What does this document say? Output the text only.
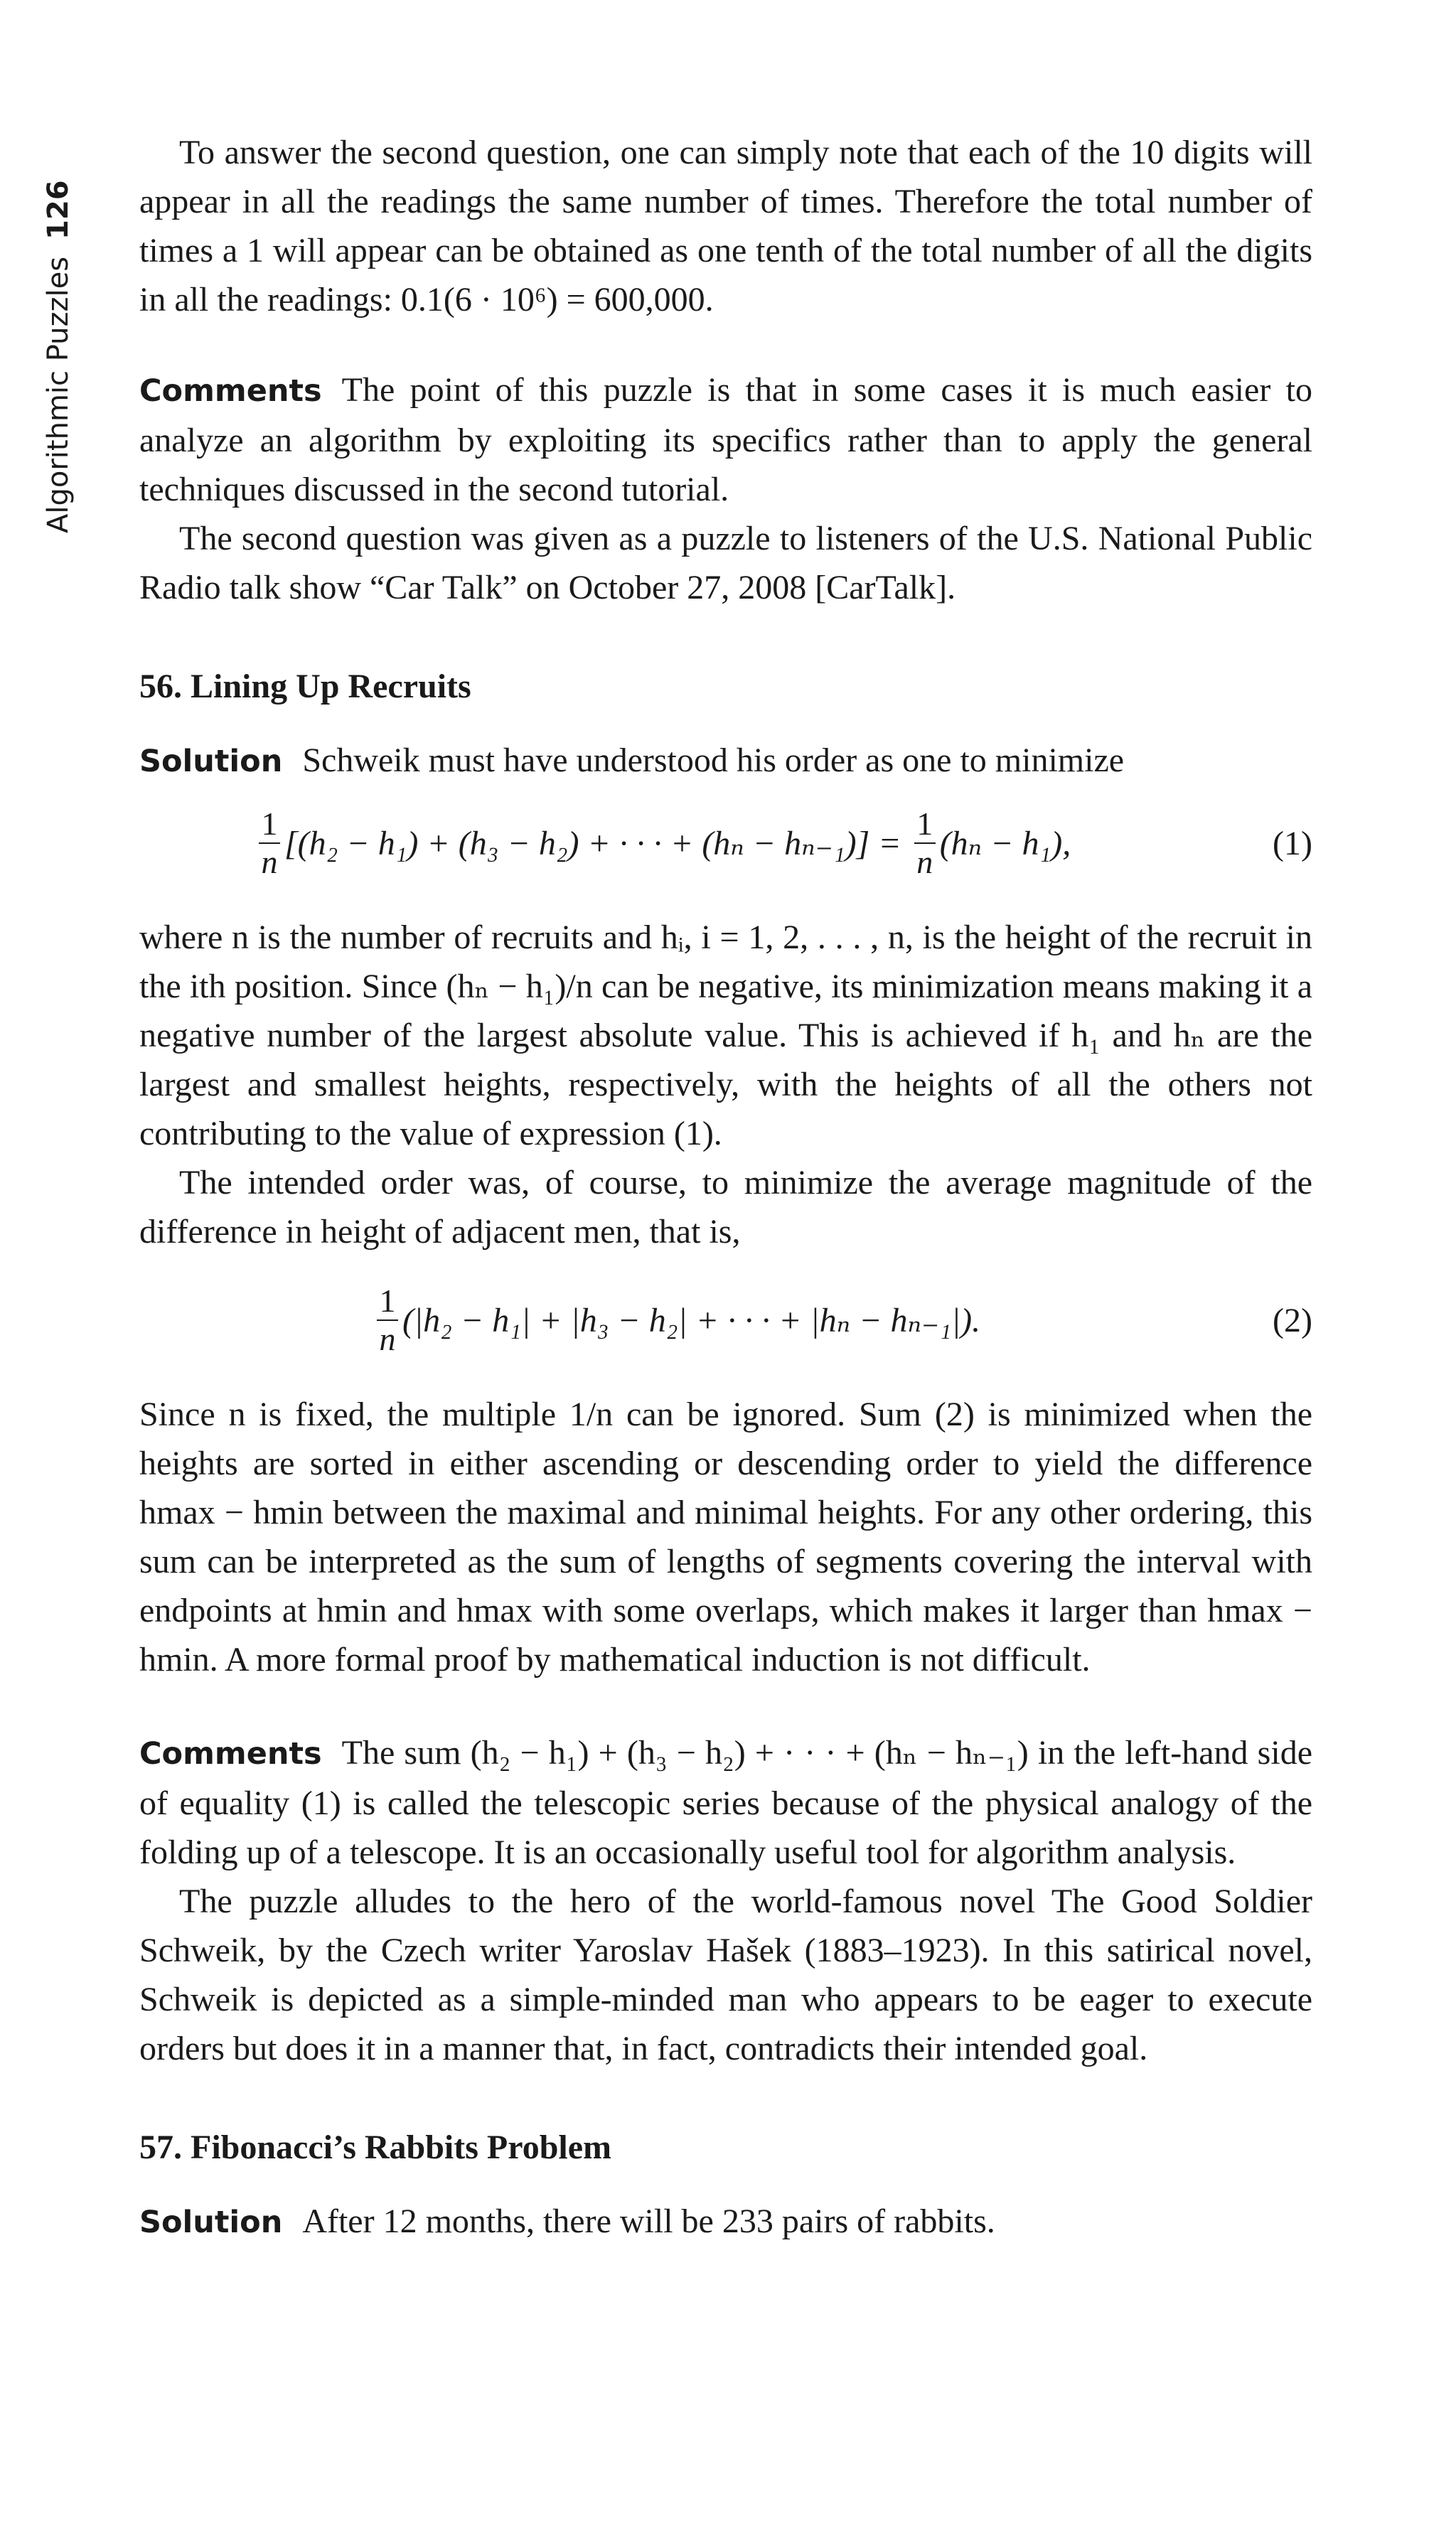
Algorithmic Puzzles
126

To answer the second question, one can simply note that each of the 10 digits will appear in all the readings the same number of times. Therefore the total number of times a 1 will appear can be obtained as one tenth of the total number of all the digits in all the readings: 0.1(6 · 10⁶) = 600,000.

Comments The point of this puzzle is that in some cases it is much easier to analyze an algorithm by exploiting its specifics rather than to apply the general techniques discussed in the second tutorial.

The second question was given as a puzzle to listeners of the U.S. National Public Radio talk show “Car Talk” on October 27, 2008 [CarTalk].

56. Lining Up Recruits

Solution Schweik must have understood his order as one to minimize

$\frac{1}{n} [(h_2 - h_1) + (h_3 - h_2)$ + · · · + $(h_n - h_{n-1})] = \frac{1}{n} (h_n - h_1)$,	(1)

where n is the number of recruits and hᵢ, i = 1, 2, . . . , n, is the height of the recruit in the ith position. Since (hₙ − h₁)/n can be negative, its minimization means making it a negative number of the largest absolute value. This is achieved if h₁ and hₙ are the largest and smallest heights, respectively, with the heights of all the others not contributing to the value of expression (1).

The intended order was, of course, to minimize the average magnitude of the difference in height of adjacent men, that is,

$\frac{1}{n} (|h_2 - h_1| + |h_3 - h_2|$ + · · · + |hₙ − hₙ₋₁|).	(2)

Since n is fixed, the multiple 1/n can be ignored. Sum (2) is minimized when the heights are sorted in either ascending or descending order to yield the difference hmax − hmin between the maximal and minimal heights. For any other ordering, this sum can be interpreted as the sum of lengths of segments covering the interval with endpoints at hmin and hmax with some overlaps, which makes it larger than hmax − hmin. A more formal proof by mathematical induction is not difficult.

Comments The sum (h₂ − h₁) + (h₃ − h₂) + · · · + (hₙ − hₙ₋₁) in the left-hand side of equality (1) is called the telescopic series because of the physical analogy of the folding up of a telescope. It is an occasionally useful tool for algorithm analysis.

The puzzle alludes to the hero of the world-famous novel The Good Soldier Schweik, by the Czech writer Yaroslav Hašek (1883–1923). In this satirical novel, Schweik is depicted as a simple-minded man who appears to be eager to execute orders but does it in a manner that, in fact, contradicts their intended goal.

57. Fibonacci’s Rabbits Problem

Solution After 12 months, there will be 233 pairs of rabbits.
